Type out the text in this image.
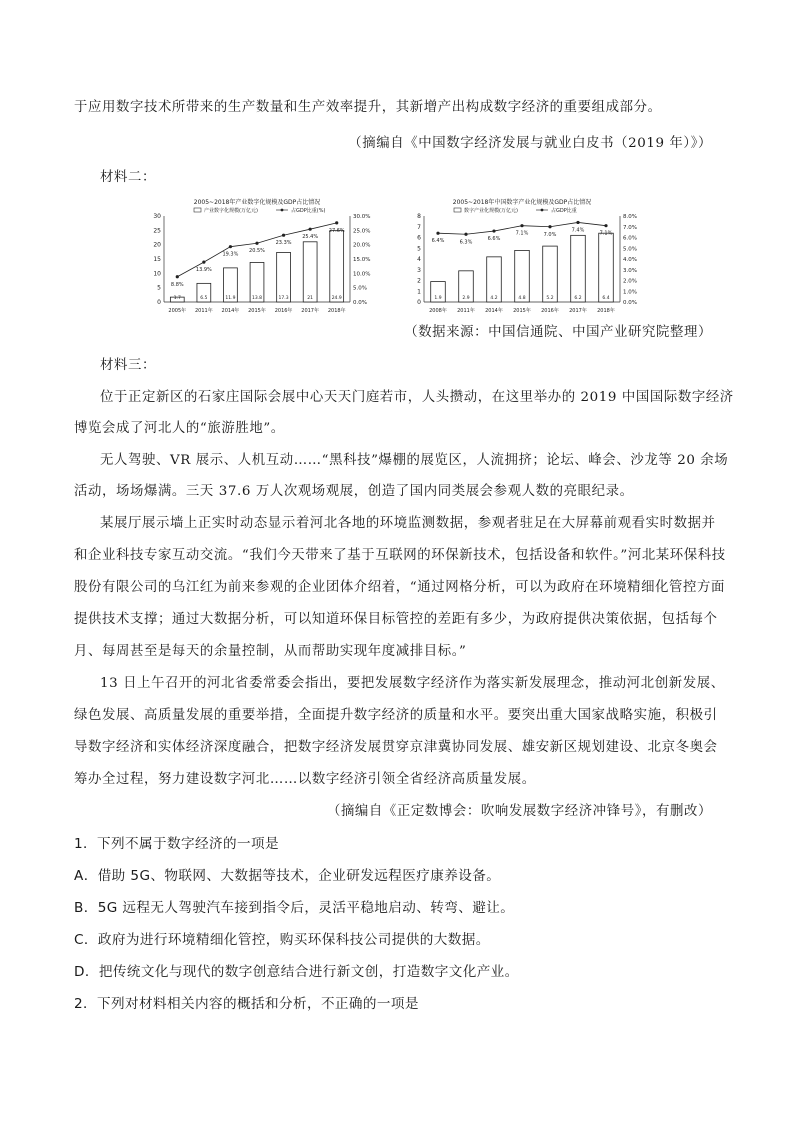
于应用数字技术所带来的生产数量和生产效率提升，其新增产出构成数字经济的重要组成部分。
（摘编自《中国数字经济发展与就业白皮书（2019 年）》）
材料二：
2005~2018年产业数字化规模及GDP占比情况
产业数字化规模(万亿元)	占GDP比重(%)
0
5
10
15
20
25
30
0.0%
5.0%
10.0%
15.0%
20.0%
25.0%
30.0%
1.7
2005年
6.5
2011年
11.9
2014年
13.8
2015年
17.3
2016年
21
2017年
24.9
2018年
8.8%
13.9%
19.3%
20.5%
23.3%
25.4%
27.6%
2005~2018年中国数字产业化规模及GDP占比情况
数字产业化规模(万亿元)	占GDP比重
0
1
2
3
4
5
6
7
8
0.0%
1.0%
2.0%
3.0%
4.0%
5.0%
6.0%
7.0%
8.0%
1.9
2008年
2.9
2011年
4.2
2014年
4.8
2015年
5.2
2016年
6.2
2017年
6.4
2018年
6.4%	6.3%
6.6%
7.1%	7.0%
7.4%
7.1%
（数据来源：中国信通院、中国产业研究院整理）
材料三：
位于正定新区的石家庄国际会展中心天天门庭若市，人头攒动，在这里举办的 2019 中国国际数字经济
博览会成了河北人的“旅游胜地”。
无人驾驶、VR 展示、人机互动……“黑科技”爆棚的展览区，人流拥挤；论坛、峰会、沙龙等 20 余场
活动，场场爆满。三天 37.6 万人次观场观展，创造了国内同类展会参观人数的亮眼纪录。
某展厅展示墙上正实时动态显示着河北各地的环境监测数据，参观者驻足在大屏幕前观看实时数据并
和企业科技专家互动交流。“我们今天带来了基于互联网的环保新技术，包括设备和软件。”河北某环保科技
股份有限公司的乌江红为前来参观的企业团体介绍着，“通过网格分析，可以为政府在环境精细化管控方面
提供技术支撑；通过大数据分析，可以知道环保目标管控的差距有多少，为政府提供决策依据，包括每个
月、每周甚至是每天的余量控制，从而帮助实现年度减排目标。”
13 日上午召开的河北省委常委会指出，要把发展数字经济作为落实新发展理念，推动河北创新发展、
绿色发展、高质量发展的重要举措，全面提升数字经济的质量和水平。要突出重大国家战略实施，积极引
导数字经济和实体经济深度融合，把数字经济发展贯穿京津冀协同发展、雄安新区规划建设、北京冬奥会
筹办全过程，努力建设数字河北……以数字经济引领全省经济高质量发展。
（摘编自《正定数博会：吹响发展数字经济冲锋号》，有删改）
1．下列不属于数字经济的一项是
A．借助 5G、物联网、大数据等技术，企业研发远程医疗康养设备。
B．5G 远程无人驾驶汽车接到指令后，灵活平稳地启动、转弯、避让。
C．政府为进行环境精细化管控，购买环保科技公司提供的大数据。
D．把传统文化与现代的数字创意结合进行新文创，打造数字文化产业。
2．下列对材料相关内容的概括和分析，不正确的一项是
